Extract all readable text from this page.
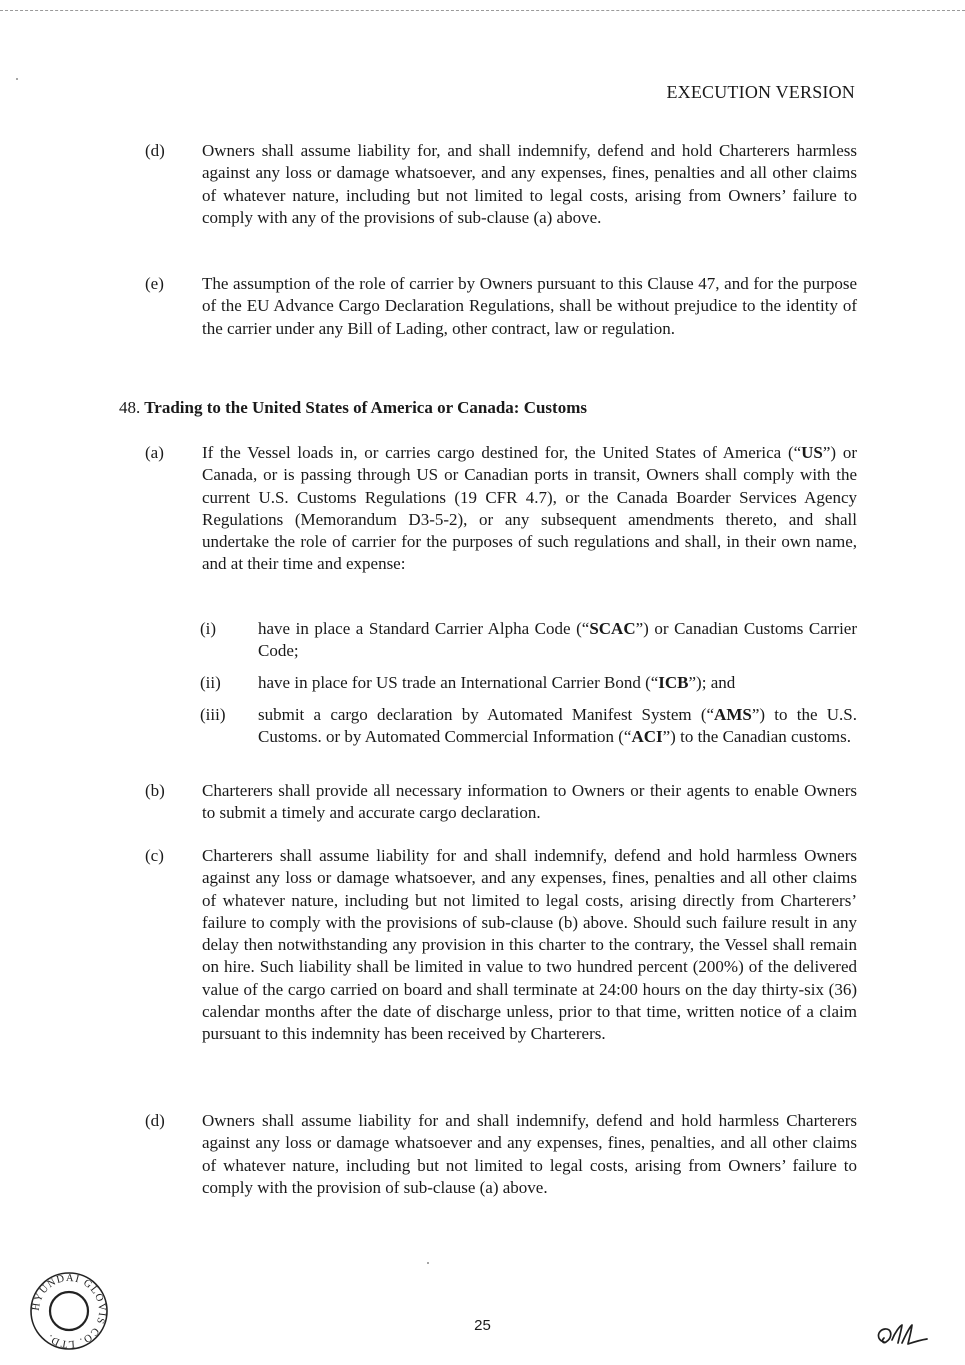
EXECUTION VERSION
(d) Owners shall assume liability for, and shall indemnify, defend and hold Charterers harmless against any loss or damage whatsoever, and any expenses, fines, penalties and all other claims of whatever nature, including but not limited to legal costs, arising from Owners’ failure to comply with any of the provisions of sub-clause (a) above.
(e) The assumption of the role of carrier by Owners pursuant to this Clause 47, and for the purpose of the EU Advance Cargo Declaration Regulations, shall be without prejudice to the identity of the carrier under any Bill of Lading, other contract, law or regulation.
48. Trading to the United States of America or Canada: Customs
(a) If the Vessel loads in, or carries cargo destined for, the United States of America (“US”) or Canada, or is passing through US or Canadian ports in transit, Owners shall comply with the current U.S. Customs Regulations (19 CFR 4.7), or the Canada Boarder Services Agency Regulations (Memorandum D3-5-2), or any subsequent amendments thereto, and shall undertake the role of carrier for the purposes of such regulations and shall, in their own name, and at their time and expense:
(i) have in place a Standard Carrier Alpha Code (“SCAC”) or Canadian Customs Carrier Code;
(ii) have in place for US trade an International Carrier Bond (“ICB”); and
(iii) submit a cargo declaration by Automated Manifest System (“AMS”) to the U.S. Customs. or by Automated Commercial Information (“ACI”) to the Canadian customs.
(b) Charterers shall provide all necessary information to Owners or their agents to enable Owners to submit a timely and accurate cargo declaration.
(c) Charterers shall assume liability for and shall indemnify, defend and hold harmless Owners against any loss or damage whatsoever, and any expenses, fines, penalties and all other claims of whatever nature, including but not limited to legal costs, arising directly from Charterers’ failure to comply with the provisions of sub-clause (b) above. Should such failure result in any delay then notwithstanding any provision in this charter to the contrary, the Vessel shall remain on hire. Such liability shall be limited in value to two hundred percent (200%) of the delivered value of the cargo carried on board and shall terminate at 24:00 hours on the day thirty-six (36) calendar months after the date of discharge unless, prior to that time, written notice of a claim pursuant to this indemnity has been received by Charterers.
(d) Owners shall assume liability for and shall indemnify, defend and hold harmless Charterers against any loss or damage whatsoever and any expenses, fines, penalties, and all other claims of whatever nature, including but not limited to legal costs, arising from Owners’ failure to comply with the provision of sub-clause (a) above.
HYUNDAI GLOVIS CO. LTD.
25
